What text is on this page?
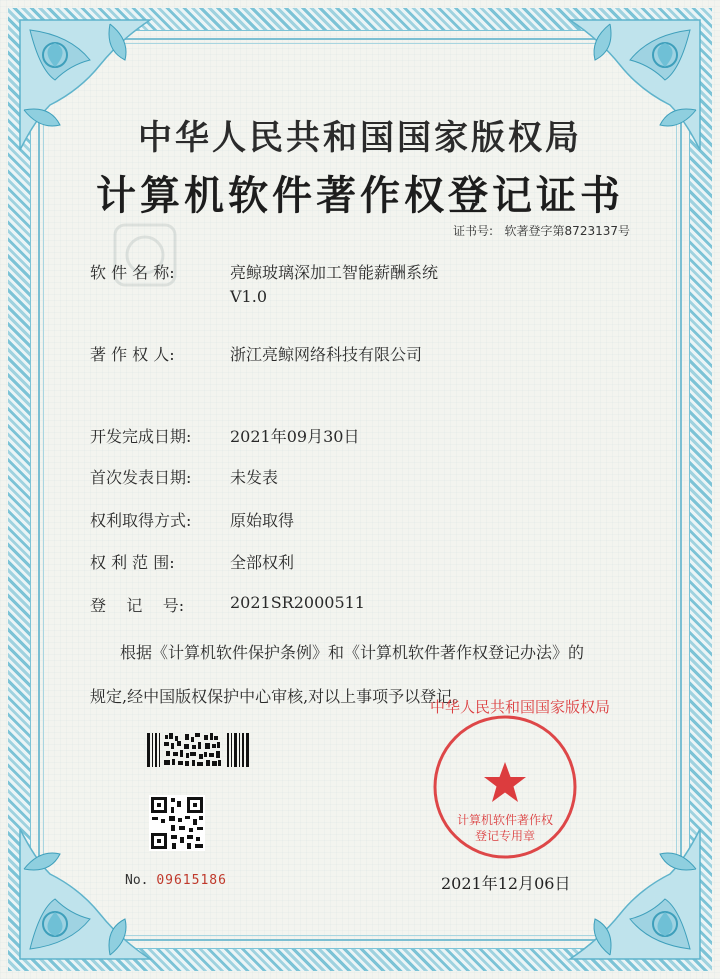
中华人民共和国国家版权局
计算机软件著作权登记证书
证书号: 软著登字第8723137号
软 件 名 称:	亮鲸玻璃深加工智能薪酬系统
V1.0
著 作 权 人:	浙江亮鲸网络科技有限公司
开发完成日期: 2021年09月30日
首次发表日期: 未发表
权利取得方式: 原始取得
权 利 范 围:	全部权利
登    记    号:	2021SR2000511
根据《计算机软件保护条例》和《计算机软件著作权登记办法》的
规定,经中国版权保护中心审核,对以上事项予以登记。
No. 09615186
中华人民共和国国家版权局
计算机软件著作权
登记专用章
2021年12月06日
